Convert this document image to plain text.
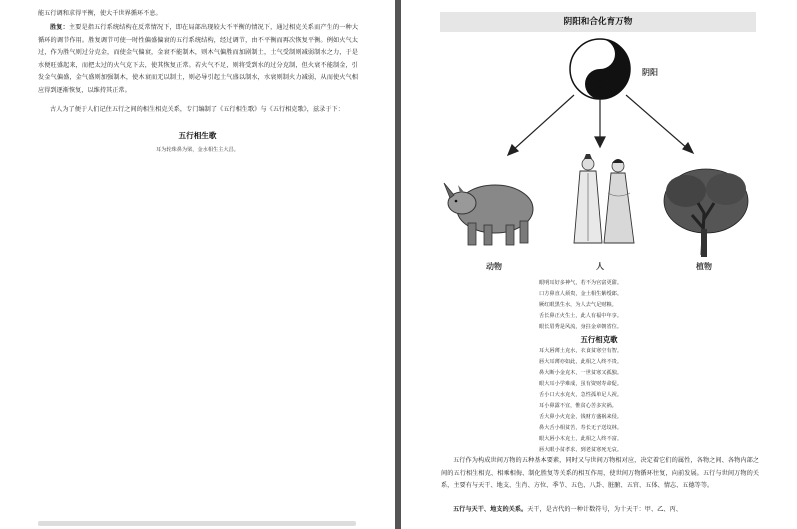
能五行调和求得平衡，使大千世界循环不息。

胜复：主要是指五行系统结构在反常情况下，即在局部出现较大不平衡的情况下，通过相克关系而产生的一种大循环的调节作用。胜复调节可使一时性偏盛偏衰的五行系统结构，经过调节，由不平衡而再次恢复平衡。例如火气太过，作为胜气则过分克金，而使金气偏衰，金衰不能制木，则木气偏胜而加剧制土，土气受制则减弱制水之力，于是水便旺盛起来，而把太过的火气克下去，使其恢复正常。若火气不足，则将受到水的过分克制，但火衰不能制金，引发金气偏盛，金气盛则加强制木，使木衰而无以制土，则必导引起土气盛以制水，水衰则制火力减弱，从而使火气相应得到逐渐恢复，以维持其正常。

古人为了便于人们记住五行之间的相生相克关系，专门编制了《五行相生歌》与《五行相克歌》，兹录于下：

五行相生歌
耳为轮珠鼻为梁，金水相生主大昌。
阴阳和合化育万物
阴阳
动物	人	植物
眼明耳好多神气，若不为官富更甜。
口方鼻直人须贵，金土相生紫绶郎。
厥红眼黑生水，为人去气足财粮。
舌长鼻正火生土，此人有福中年享。
眼长眉秀是风流，身拄金章朝省位。
五行相克歌
耳大唇薄土克水，衣食贫寒空有智。
唇大耳薄亦如此，此相之人终不贵。
鼻大断小金克木，一世贫寒又孤独。
眼大耳小学难成，虽有资财寿命促。
舌小口大水克火，急性孤单足人祝。
耳小鼻露不宜，惟贫心苦多灾祸。
舌大鼻小火克金，钱财方盛祸来侵。
鼻大舌小相贫苦，寿长无子送坟林。
眼大唇小木克土，此相之人终不富。
唇大眼小贫孝求，到老贫寒死无哀。

五行作为构成世间万物的五种基本要素，同时又与世间万物相对应，决定着它们的属性，各物之间、各物内部之间的五行相生相克、相乘相侮、制化胜复等关系的相互作用，使世间万物循环往复，向前发展。五行与世间万物的关系，主要有与天干、地支、生肖、方位、季节、五色、八卦、脏腑、五官、五体、情志、五德等等。

五行与天干、地支的关系。天干，是古代的一种计数符号，为十天干：甲、乙、丙、
